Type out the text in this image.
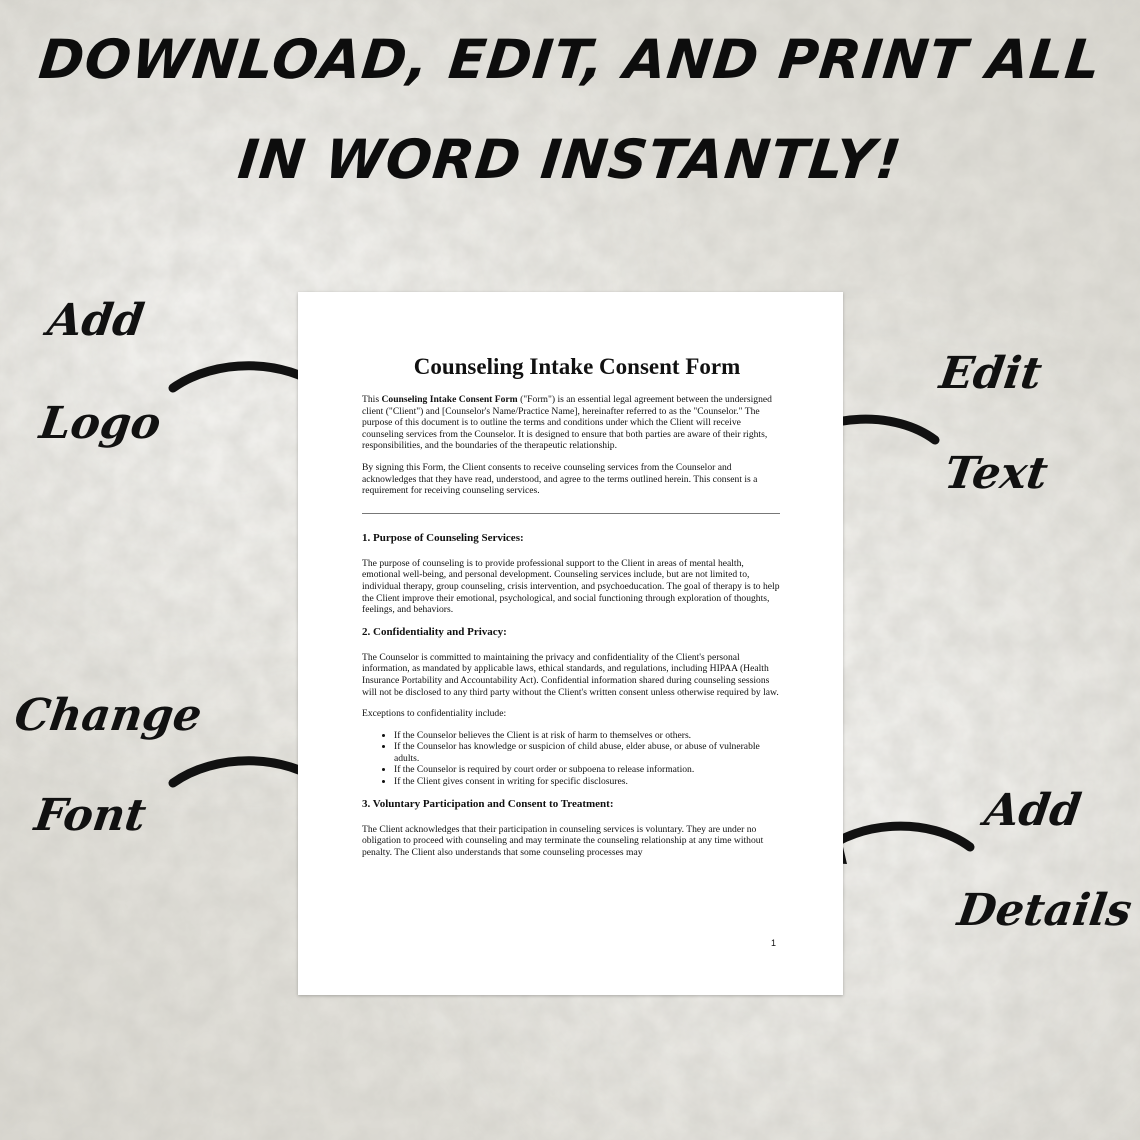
DOWNLOAD, EDIT, AND PRINT ALL
IN WORD INSTANTLY!
Add
Logo
Edit
Text
Change
Font	Add
Details
Counseling Intake Consent Form

This Counseling Intake Consent Form ("Form") is an essential legal agreement between the undersigned client ("Client") and [Counselor's Name/Practice Name], hereinafter referred to as the "Counselor." The purpose of this document is to outline the terms and conditions under which the Client will receive counseling services from the Counselor. It is designed to ensure that both parties are aware of their rights, responsibilities, and the boundaries of the therapeutic relationship.

By signing this Form, the Client consents to receive counseling services from the Counselor and acknowledges that they have read, understood, and agree to the terms outlined herein. This consent is a requirement for receiving counseling services.

1. Purpose of Counseling Services:

The purpose of counseling is to provide professional support to the Client in areas of mental health, emotional well-being, and personal development. Counseling services include, but are not limited to, individual therapy, group counseling, crisis intervention, and psychoeducation. The goal of therapy is to help the Client improve their emotional, psychological, and social functioning through exploration of thoughts, feelings, and behaviors.

2. Confidentiality and Privacy:

The Counselor is committed to maintaining the privacy and confidentiality of the Client's personal information, as mandated by applicable laws, ethical standards, and regulations, including HIPAA (Health Insurance Portability and Accountability Act). Confidential information shared during counseling sessions will not be disclosed to any third party without the Client's written consent unless otherwise required by law.

Exceptions to confidentiality include:

• If the Counselor believes the Client is at risk of harm to themselves or others.
• If the Counselor has knowledge or suspicion of child abuse, elder abuse, or abuse of vulnerable adults.
• If the Counselor is required by court order or subpoena to release information.
• If the Client gives consent in writing for specific disclosures.
3. Voluntary Participation and Consent to Treatment:

The Client acknowledges that their participation in counseling services is voluntary. They are under no obligation to proceed with counseling and may terminate the counseling relationship at any time without penalty. The Client also understands that some counseling processes may

1
